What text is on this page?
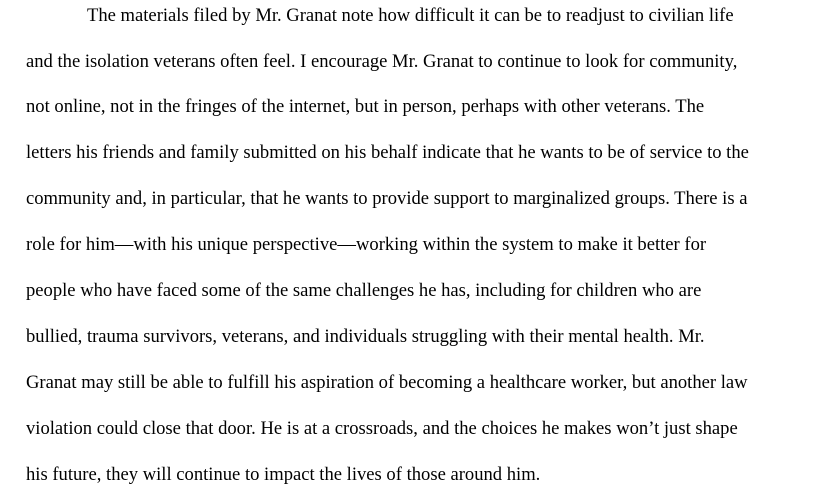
The materials filed by Mr. Granat note how difficult it can be to readjust to civilian life

and the isolation veterans often feel. I encourage Mr. Granat to continue to look for community,

not online, not in the fringes of the internet, but in person, perhaps with other veterans. The

letters his friends and family submitted on his behalf indicate that he wants to be of service to the

community and, in particular, that he wants to provide support to marginalized groups. There is a

role for him—with his unique perspective—working within the system to make it better for

people who have faced some of the same challenges he has, including for children who are

bullied, trauma survivors, veterans, and individuals struggling with their mental health. Mr.

Granat may still be able to fulfill his aspiration of becoming a healthcare worker, but another law

violation could close that door. He is at a crossroads, and the choices he makes won’t just shape

his future, they will continue to impact the lives of those around him.
